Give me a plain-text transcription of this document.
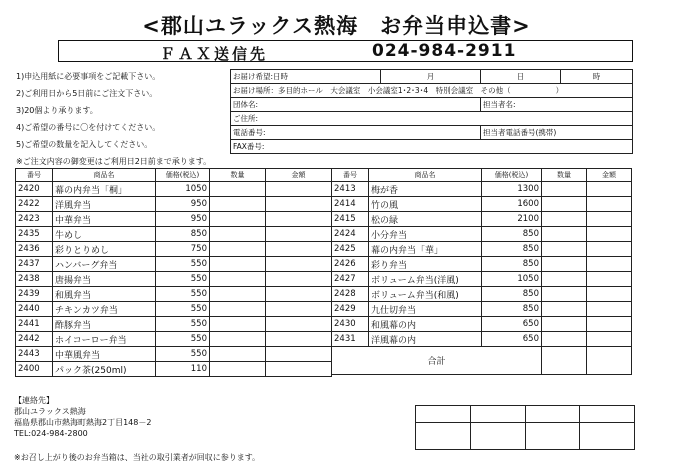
<郡山ユラックス熱海　お弁当申込書>
ＦＡＸ送信先	024-984-2911
1)申込用紙に必要事項をご記載下さい。
2)ご利用日から5日前にご注文下さい。
3)20個より承ります。
4)ご希望の番号に〇を付けてください。
5)ご希望の数量を記入してください。
※ご注文内容の御変更はご利用日2日前まで承ります。
お届け希望:日時	月	日	時
お届け場所：多目的ホール　大会議室　小会議室1･2･3･4　特別会議室　その他（　　　　　　）			
団体名:		担当者名:	
ご住所:			
電話番号:		担当者電話番号(携帯)	
FAX番号:			
番号	商品名	価格(税込)	数量	金額
2420	幕の内弁当「桐」	1050		
2422	洋風弁当	950		
2423	中華弁当	950		
2435	牛めし	850		
2436	彩りとりめし	750		
2437	ハンバーグ弁当	550		
2438	唐揚弁当	550		
2439	和風弁当	550		
2440	チキンカツ弁当	550		
2441	酢豚弁当	550		
2442	ホイコーロー弁当	550		
2443	中華風弁当	550		
2400	パック茶(250ml)	110		
番号	商品名	価格(税込)	数量	金額
2413	梅が香	1300		
2414	竹の風	1600		
2415	松の緑	2100		
2424	小分弁当	850		
2425	幕の内弁当「華」	850		
2426	彩り弁当	850		
2427	ボリューム弁当(洋風)	1050		
2428	ボリューム弁当(和風)	850		
2429	九仕切弁当	850		
2430	和風幕の内	650		
2431	洋風幕の内	650		
合計				
【連絡先】
郡山ユラックス熱海
福島県郡山市熱海町熱海2丁目148－2
TEL:024-984-2800

※お召し上がり後のお弁当箱は、当社の取引業者が回収に参ります。
